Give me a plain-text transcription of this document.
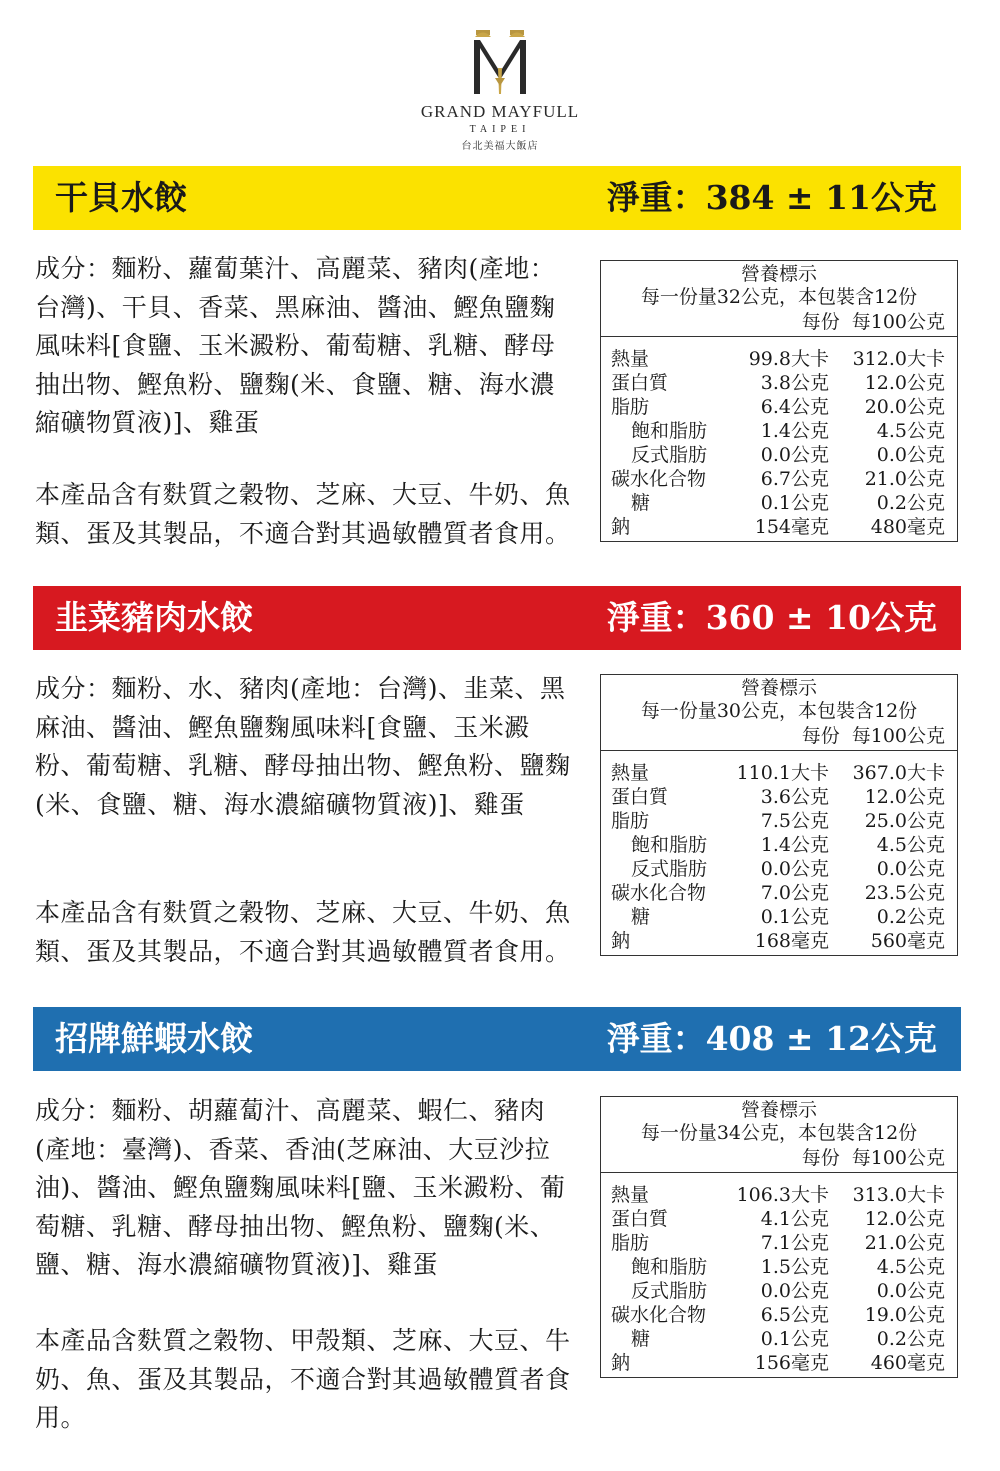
GRAND MAYFULL
TAIPEI
台北美福大飯店
干貝水餃	淨重：384 ± 11公克

成分：麵粉、蘿蔔葉汁、高麗菜、豬肉(產地：台灣)、干貝、香菜、黑麻油、醬油、鰹魚鹽麴風味料[食鹽、玉米澱粉、葡萄糖、乳糖、酵母抽出物、鰹魚粉、鹽麴(米、食鹽、糖、海水濃縮礦物質液)]、雞蛋

本產品含有麩質之穀物、芝麻、大豆、牛奶、魚類、蛋及其製品，不適合對其過敏體質者食用。

營養標示
每一份量32公克，本包裝含12份
每份 每100公克
熱量	99.8大卡 312.0大卡
蛋白質	3.8公克 12.0公克
脂肪	6.4公克 20.0公克
飽和脂肪	1.4公克	4.5公克
反式脂肪	0.0公克	0.0公克
碳水化合物	6.7公克 21.0公克
糖	0.1公克	0.2公克
鈉	154毫克 480毫克
韭菜豬肉水餃	淨重：360 ± 10公克

成分：麵粉、水、豬肉(產地：台灣)、韭菜、黑麻油、醬油、鰹魚鹽麴風味料[食鹽、玉米澱粉、葡萄糖、乳糖、酵母抽出物、鰹魚粉、鹽麴(米、食鹽、糖、海水濃縮礦物質液)]、雞蛋

本產品含有麩質之穀物、芝麻、大豆、牛奶、魚類、蛋及其製品，不適合對其過敏體質者食用。

營養標示
每一份量30公克，本包裝含12份
每份 每100公克
熱量	110.1大卡 367.0大卡
蛋白質	3.6公克 12.0公克
脂肪	7.5公克 25.0公克
飽和脂肪	1.4公克	4.5公克
反式脂肪	0.0公克	0.0公克
碳水化合物	7.0公克 23.5公克
糖	0.1公克	0.2公克
鈉	168毫克 560毫克
招牌鮮蝦水餃	淨重：408 ± 12公克

成分：麵粉、胡蘿蔔汁、高麗菜、蝦仁、豬肉(產地：臺灣)、香菜、香油(芝麻油、大豆沙拉油)、醬油、鰹魚鹽麴風味料[鹽、玉米澱粉、葡萄糖、乳糖、酵母抽出物、鰹魚粉、鹽麴(米、鹽、糖、海水濃縮礦物質液)]、雞蛋

本產品含麩質之穀物、甲殼類、芝麻、大豆、牛奶、魚、蛋及其製品，不適合對其過敏體質者食用。

營養標示
每一份量34公克，本包裝含12份
每份 每100公克
熱量	106.3大卡 313.0大卡
蛋白質	4.1公克 12.0公克
脂肪	7.1公克 21.0公克
飽和脂肪	1.5公克	4.5公克
反式脂肪	0.0公克	0.0公克
碳水化合物	6.5公克 19.0公克
糖	0.1公克	0.2公克
鈉	156毫克 460毫克
